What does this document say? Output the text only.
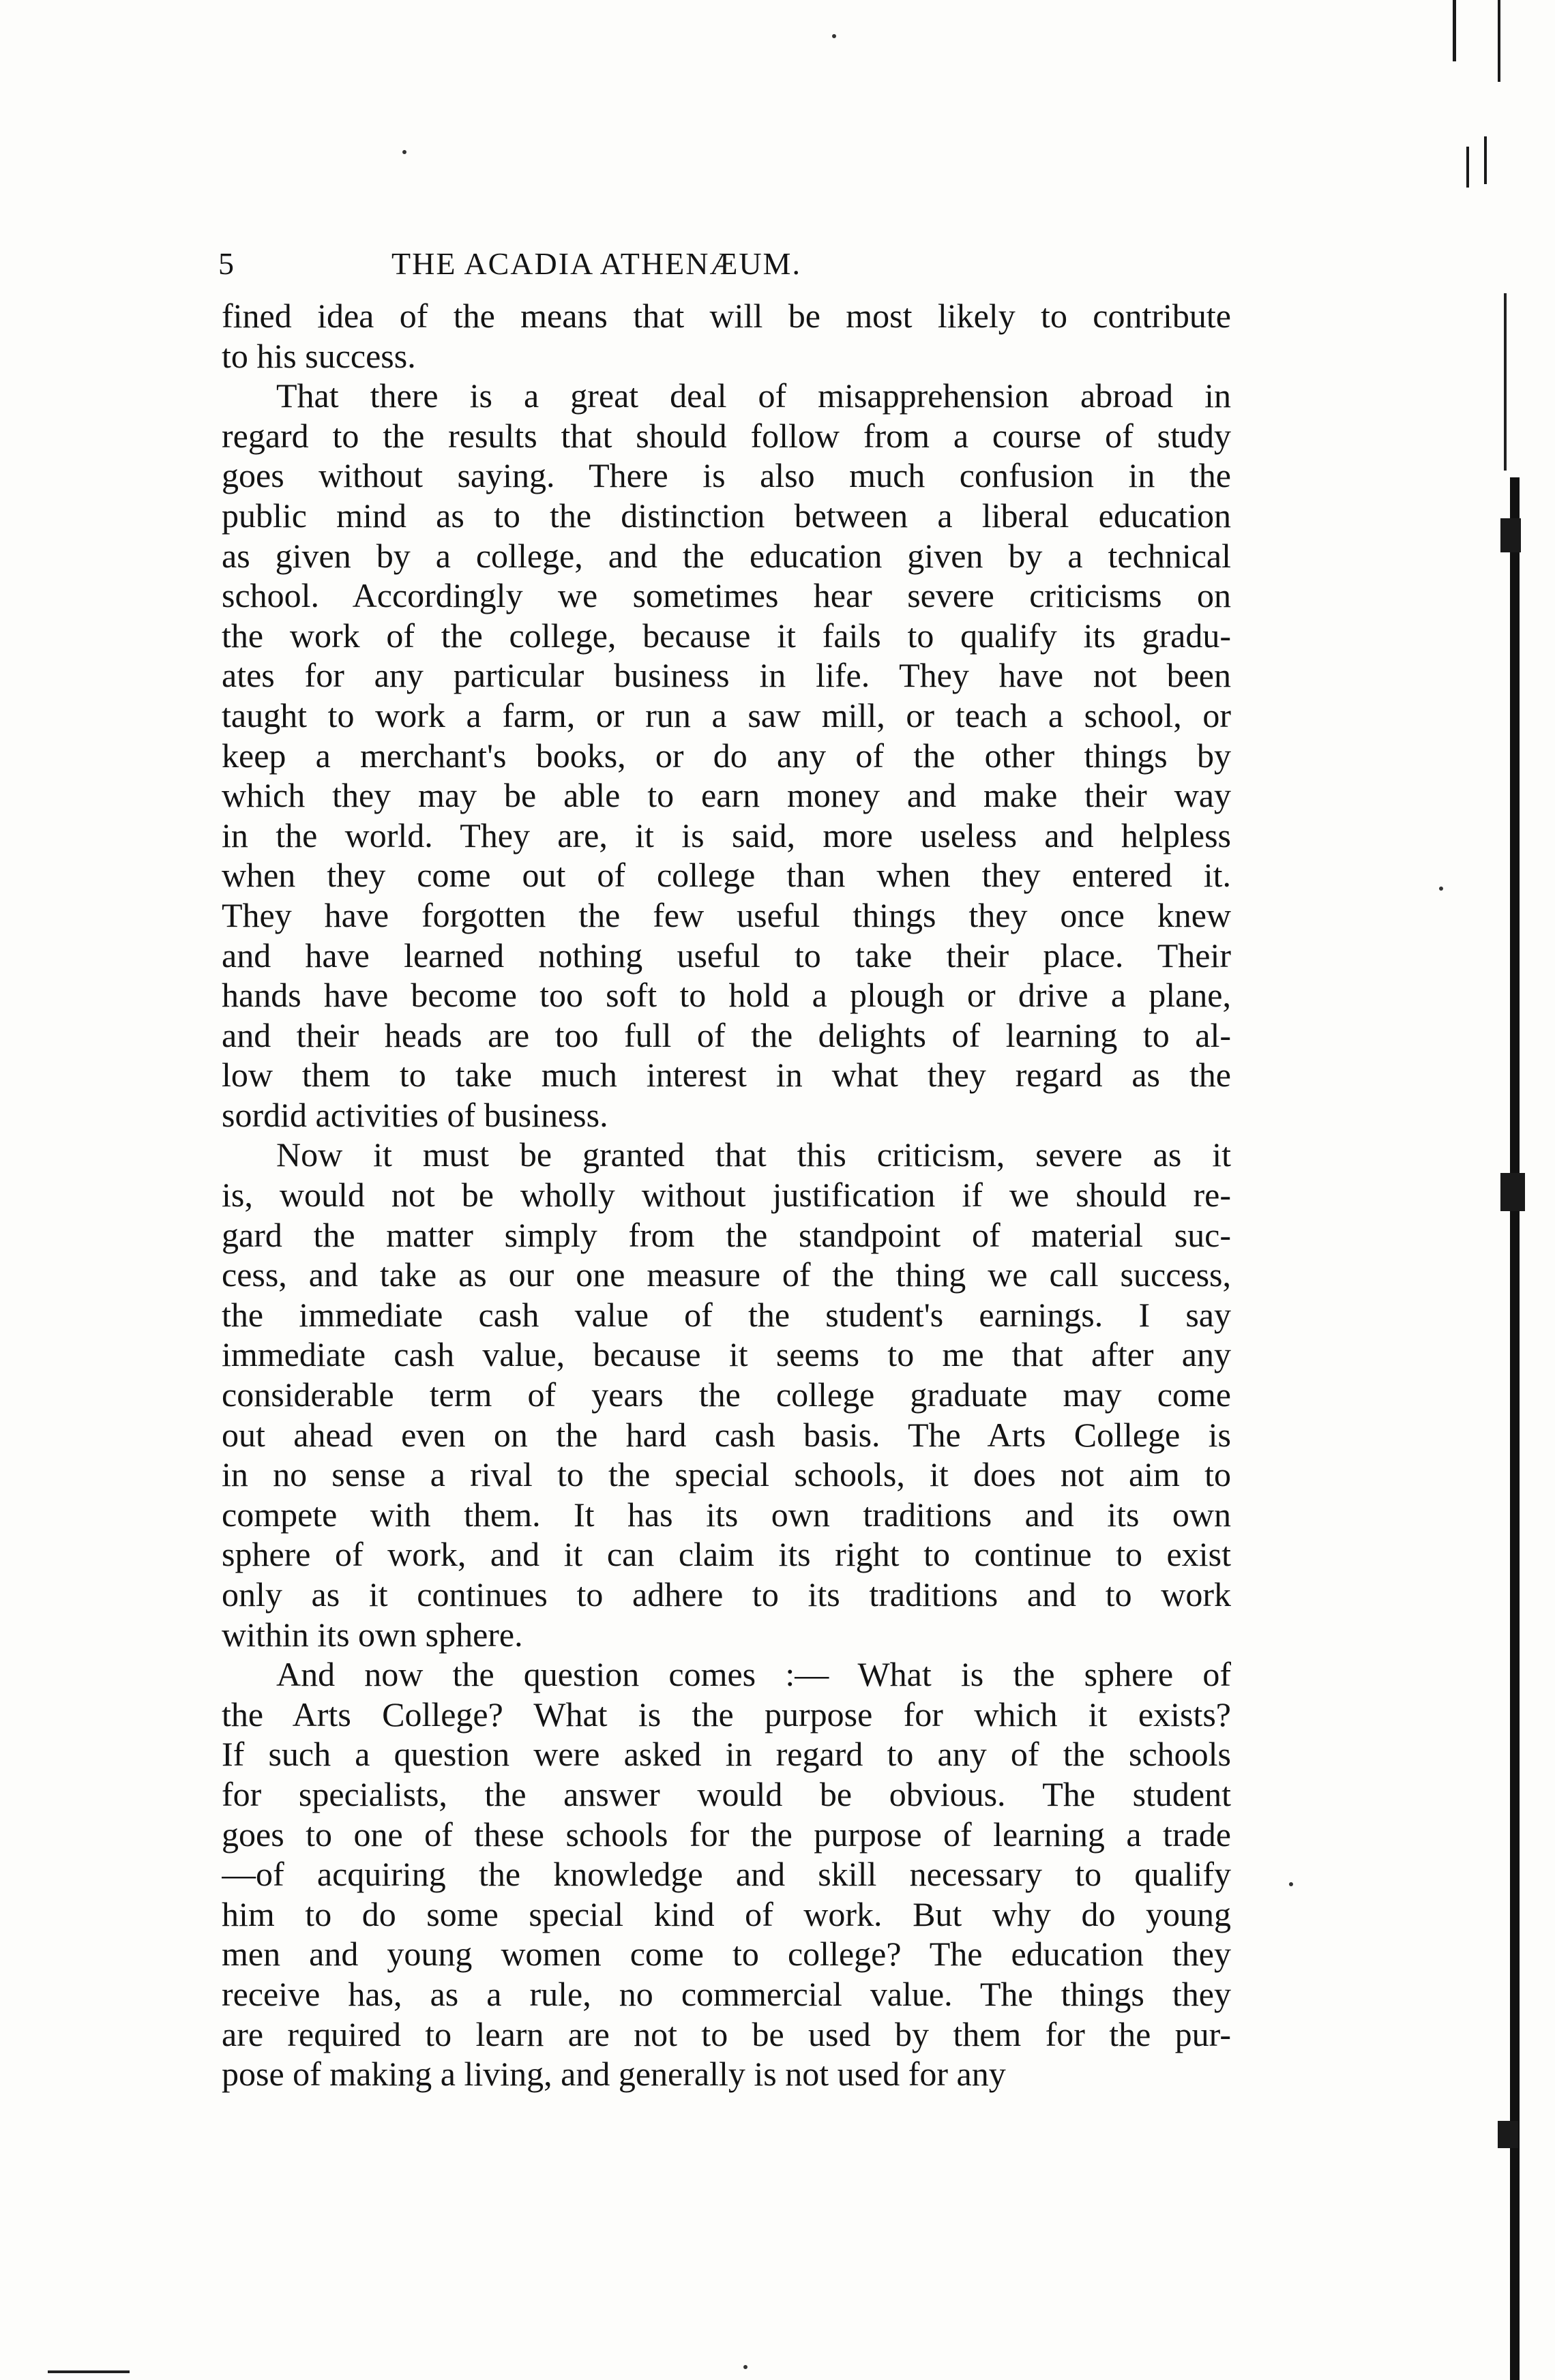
5	THE ACADIA ATHENÆUM.
fined idea of the means that will be most likely to contribute
to his success.
That there is a great deal of misapprehension abroad in
regard to the results that should follow from a course of study
goes without saying. There is also much confusion in the
public mind as to the distinction between a liberal education
as given by a college, and the education given by a technical
school. Accordingly we sometimes hear severe criticisms on
the work of the college, because it fails to qualify its gradu-
ates for any particular business in life. They have not been
taught to work a farm, or run a saw mill, or teach a school, or
keep a merchant's books, or do any of the other things by
which they may be able to earn money and make their way
in the world. They are, it is said, more useless and helpless
when they come out of college than when they entered it.
They have forgotten the few useful things they once knew
and have learned nothing useful to take their place. Their
hands have become too soft to hold a plough or drive a plane,
and their heads are too full of the delights of learning to al-
low them to take much interest in what they regard as the
sordid activities of business.
Now it must be granted that this criticism, severe as it
is, would not be wholly without justification if we should re-
gard the matter simply from the standpoint of material suc-
cess, and take as our one measure of the thing we call success,
the immediate cash value of the student's earnings. I say
immediate cash value, because it seems to me that after any
considerable term of years the college graduate may come
out ahead even on the hard cash basis. The Arts College is
in no sense a rival to the special schools, it does not aim to
compete with them. It has its own traditions and its own
sphere of work, and it can claim its right to continue to exist
only as it continues to adhere to its traditions and to work
within its own sphere.
And now the question comes :— What is the sphere of
the Arts College? What is the purpose for which it exists?
If such a question were asked in regard to any of the schools
for specialists, the answer would be obvious. The student
goes to one of these schools for the purpose of learning a trade
—of acquiring the knowledge and skill necessary to qualify
him to do some special kind of work. But why do young
men and young women come to college? The education they
receive has, as a rule, no commercial value. The things they
are required to learn are not to be used by them for the pur-
pose of making a living, and generally is not used for any
